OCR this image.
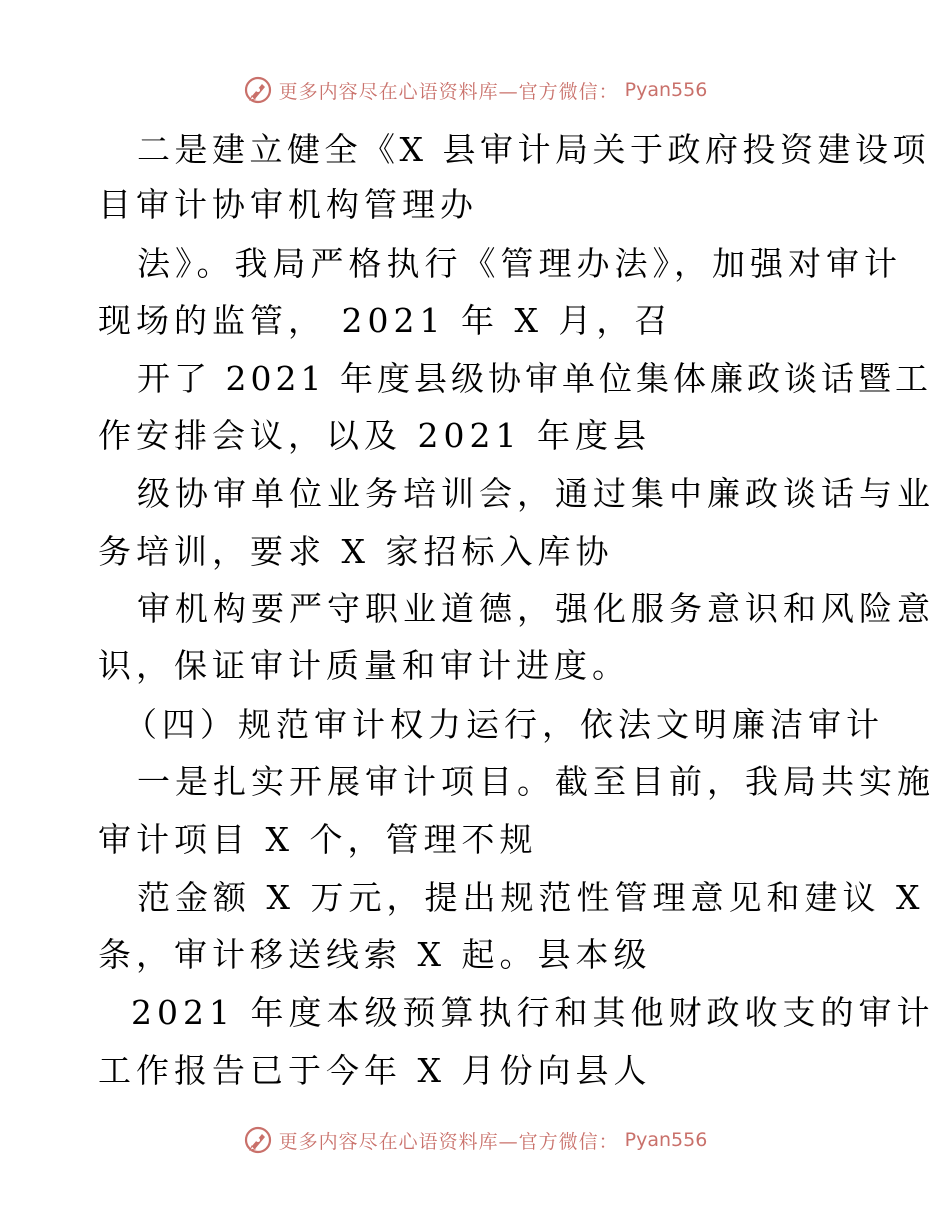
更多内容尽在心语资料库—官方微信： Pyan556
二是建立健全《X 县审计局关于政府投资建设项
目审计协审机构管理办
法》。我局严格执行《管理办法》，加强对审计
现场的监管， 2021 年 X 月，召
开了 2021 年度县级协审单位集体廉政谈话暨工
作安排会议，以及 2021 年度县
级协审单位业务培训会，通过集中廉政谈话与业
务培训，要求 X 家招标入库协
审机构要严守职业道德，强化服务意识和风险意
识，保证审计质量和审计进度。
（四）规范审计权力运行，依法文明廉洁审计
一是扎实开展审计项目。截至目前，我局共实施
审计项目 X 个，管理不规
范金额 X 万元，提出规范性管理意见和建议 X
条，审计移送线索 X 起。县本级
2021 年度本级预算执行和其他财政收支的审计
工作报告已于今年 X 月份向县人
更多内容尽在心语资料库—官方微信： Pyan556
